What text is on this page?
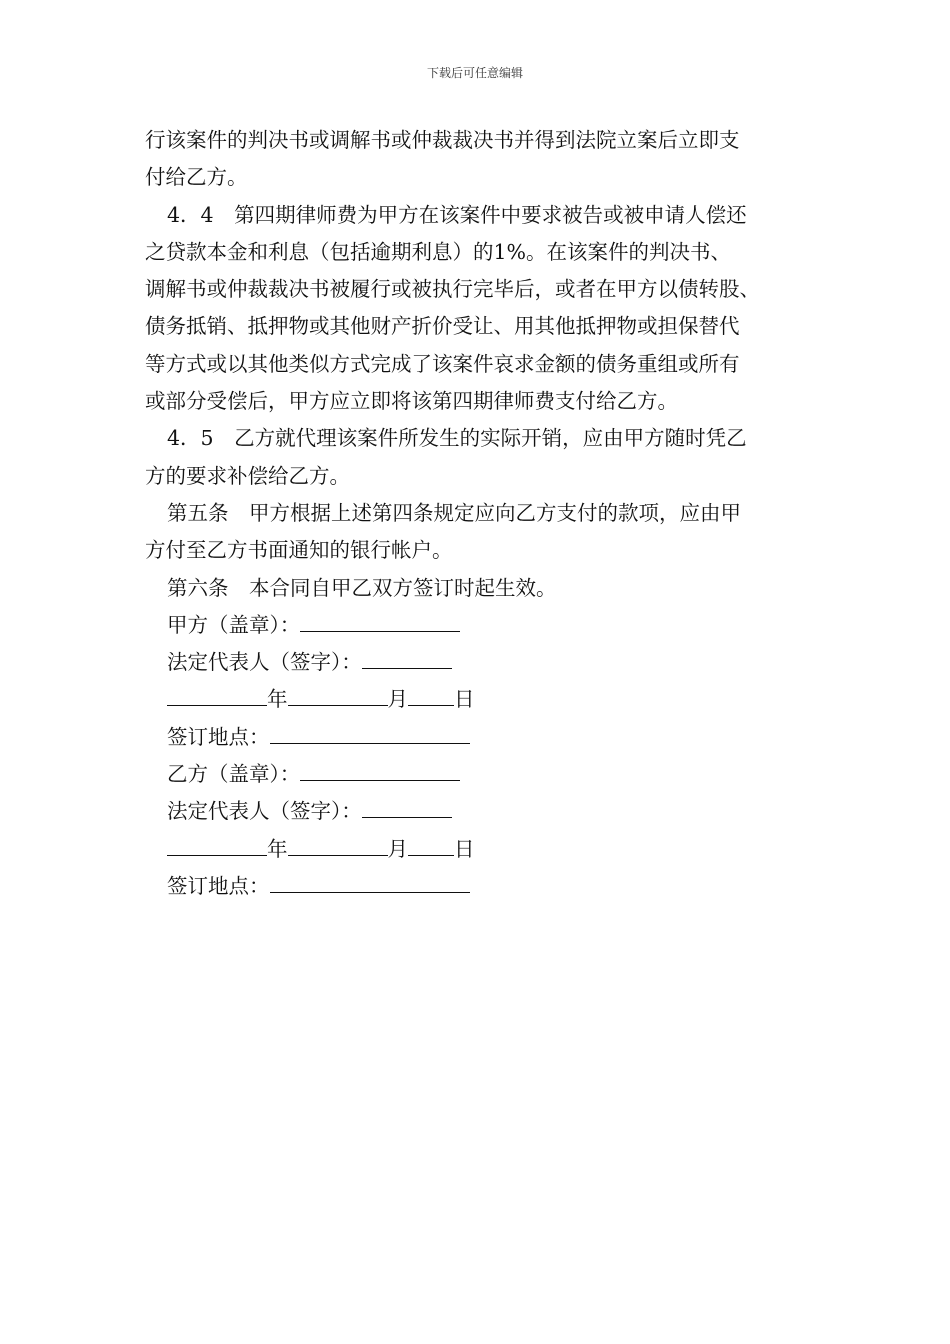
下载后可任意编辑
行该案件的判决书或调解书或仲裁裁决书并得到法院立案后立即支
付给乙方。
4．4　第四期律师费为甲方在该案件中要求被告或被申请人偿还
之贷款本金和利息（包括逾期利息）的1%。在该案件的判决书、
调解书或仲裁裁决书被履行或被执行完毕后，或者在甲方以债转股、
债务抵销、抵押物或其他财产折价受让、用其他抵押物或担保替代
等方式或以其他类似方式完成了该案件哀求金额的债务重组或所有
或部分受偿后，甲方应立即将该第四期律师费支付给乙方。
4．5　乙方就代理该案件所发生的实际开销，应由甲方随时凭乙
方的要求补偿给乙方。
第五条　甲方根据上述第四条规定应向乙方支付的款项，应由甲
方付至乙方书面通知的银行帐户。
第六条　本合同自甲乙双方签订时起生效。
甲方（盖章）：
法定代表人（签字）：
年	月 日
签订地点：
乙方（盖章）：
法定代表人（签字）：
年	月 日
签订地点：
